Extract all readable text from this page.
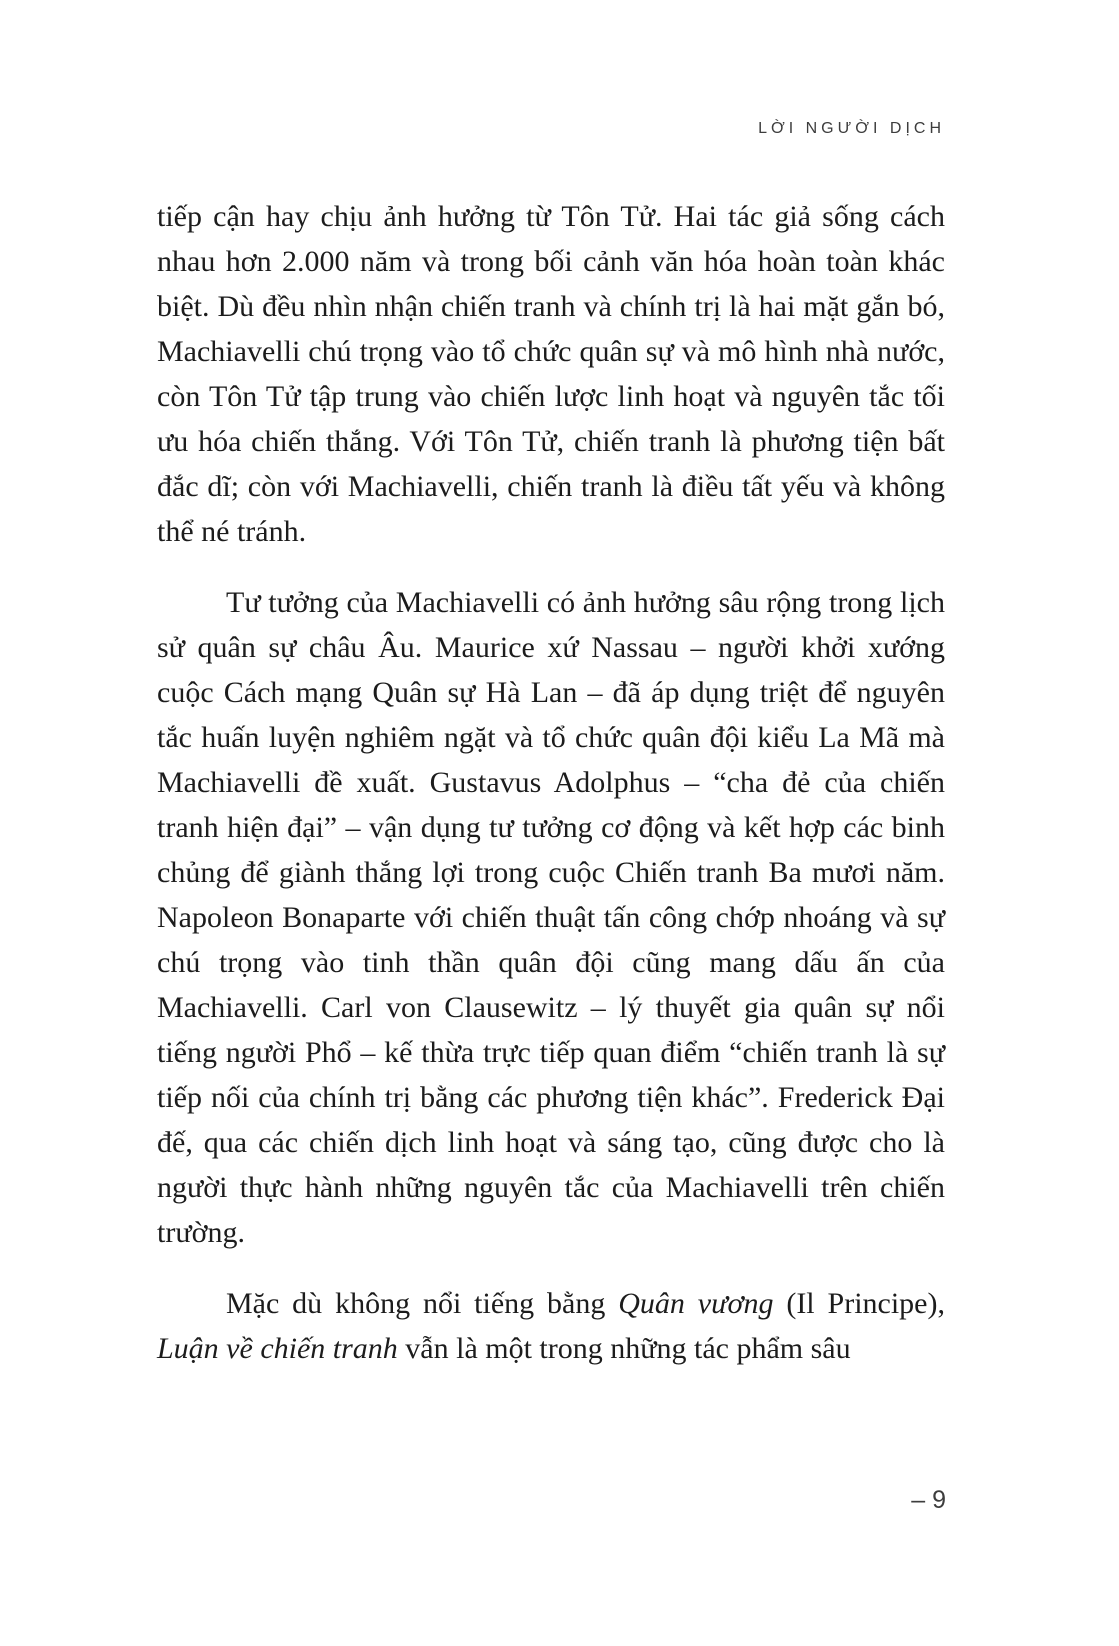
LỜI NGƯỜI DỊCH

tiếp cận hay chịu ảnh hưởng từ Tôn Tử. Hai tác giả sống cách nhau hơn 2.000 năm và trong bối cảnh văn hóa hoàn toàn khác biệt. Dù đều nhìn nhận chiến tranh và chính trị là hai mặt gắn bó, Machiavelli chú trọng vào tổ chức quân sự và mô hình nhà nước, còn Tôn Tử tập trung vào chiến lược linh hoạt và nguyên tắc tối ưu hóa chiến thắng. Với Tôn Tử, chiến tranh là phương tiện bất đắc dĩ; còn với Machiavelli, chiến tranh là điều tất yếu và không thể né tránh.

Tư tưởng của Machiavelli có ảnh hưởng sâu rộng trong lịch sử quân sự châu Âu. Maurice xứ Nassau – người khởi xướng cuộc Cách mạng Quân sự Hà Lan – đã áp dụng triệt để nguyên tắc huấn luyện nghiêm ngặt và tổ chức quân đội kiểu La Mã mà Machiavelli đề xuất. Gustavus Adolphus – “cha đẻ của chiến tranh hiện đại” – vận dụng tư tưởng cơ động và kết hợp các binh chủng để giành thắng lợi trong cuộc Chiến tranh Ba mươi năm. Napoleon Bonaparte với chiến thuật tấn công chớp nhoáng và sự chú trọng vào tinh thần quân đội cũng mang dấu ấn của Machiavelli. Carl von Clausewitz – lý thuyết gia quân sự nổi tiếng người Phổ – kế thừa trực tiếp quan điểm “chiến tranh là sự tiếp nối của chính trị bằng các phương tiện khác”. Frederick Đại đế, qua các chiến dịch linh hoạt và sáng tạo, cũng được cho là người thực hành những nguyên tắc của Machiavelli trên chiến trường.

Mặc dù không nổi tiếng bằng Quân vương (Il Principe), Luận về chiến tranh vẫn là một trong những tác phẩm sâu

– 9
